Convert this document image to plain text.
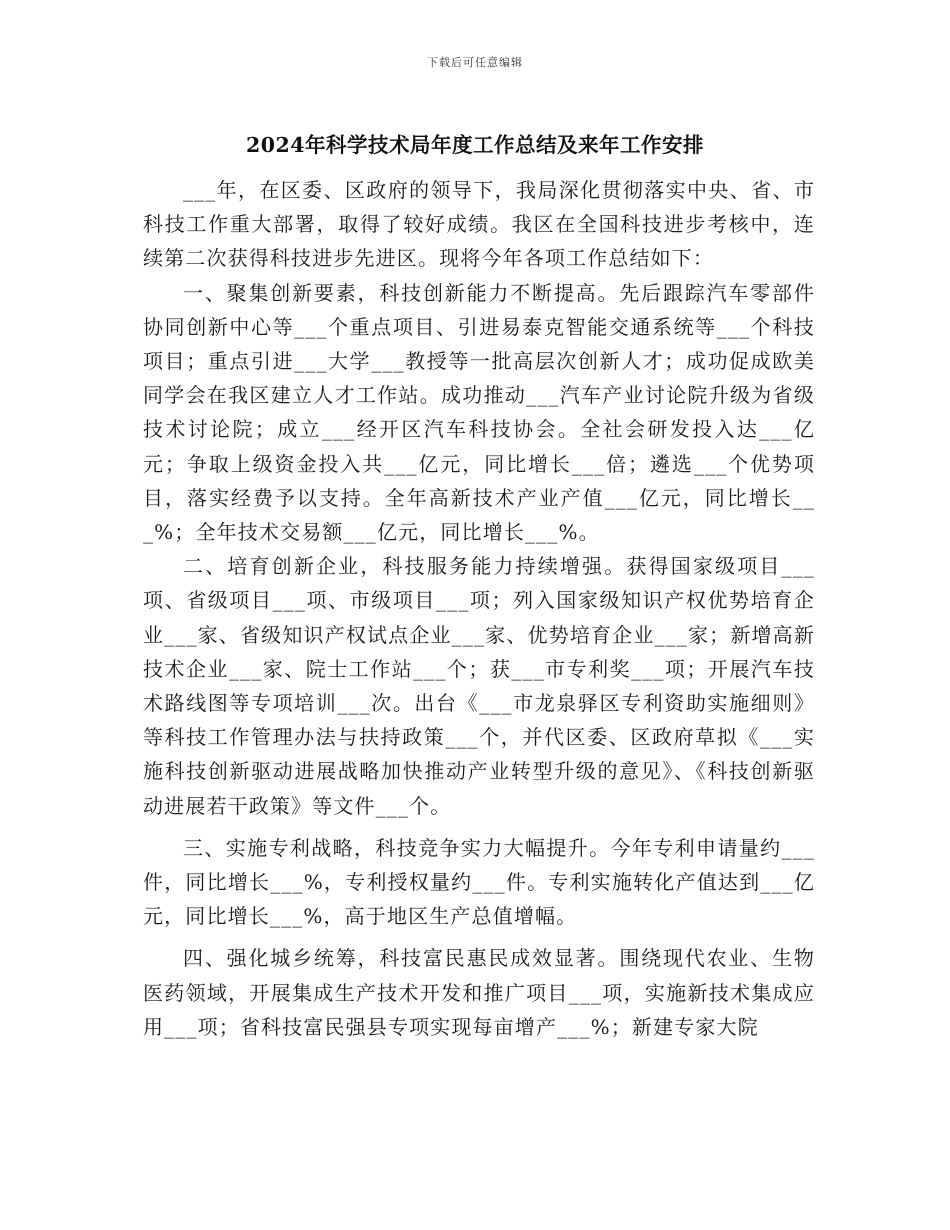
下载后可任意编辑
2024年科学技术局年度工作总结及来年工作安排

___年，在区委、区政府的领导下，我局深化贯彻落实中央、省、市科技工作重大部署，取得了较好成绩。我区在全国科技进步考核中，连续第二次获得科技进步先进区。现将今年各项工作总结如下：

一、聚集创新要素，科技创新能力不断提高。先后跟踪汽车零部件协同创新中心等___个重点项目、引进易泰克智能交通系统等___个科技项目；重点引进___大学___教授等一批高层次创新人才；成功促成欧美同学会在我区建立人才工作站。成功推动___汽车产业讨论院升级为省级技术讨论院；成立___经开区汽车科技协会。全社会研发投入达___亿元；争取上级资金投入共___亿元，同比增长___倍；遴选___个优势项目，落实经费予以支持。全年高新技术产业产值___亿元，同比增长___%；全年技术交易额___亿元，同比增长___%。

二、培育创新企业，科技服务能力持续增强。获得国家级项目___项、省级项目___项、市级项目___项；列入国家级知识产权优势培育企业___家、省级知识产权试点企业___家、优势培育企业___家；新增高新技术企业___家、院士工作站___个；获___市专利奖___项；开展汽车技术路线图等专项培训___次。出台《___市龙泉驿区专利资助实施细则》等科技工作管理办法与扶持政策___个，并代区委、区政府草拟《___实施科技创新驱动进展战略加快推动产业转型升级的意见》、《科技创新驱动进展若干政策》等文件___个。

三、实施专利战略，科技竞争实力大幅提升。今年专利申请量约___件，同比增长___%，专利授权量约___件。专利实施转化产值达到___亿元，同比增长___%，高于地区生产总值增幅。

四、强化城乡统筹，科技富民惠民成效显著。围绕现代农业、生物医药领域，开展集成生产技术开发和推广项目___项，实施新技术集成应用___项；省科技富民强县专项实现每亩增产___%；新建专家大院
